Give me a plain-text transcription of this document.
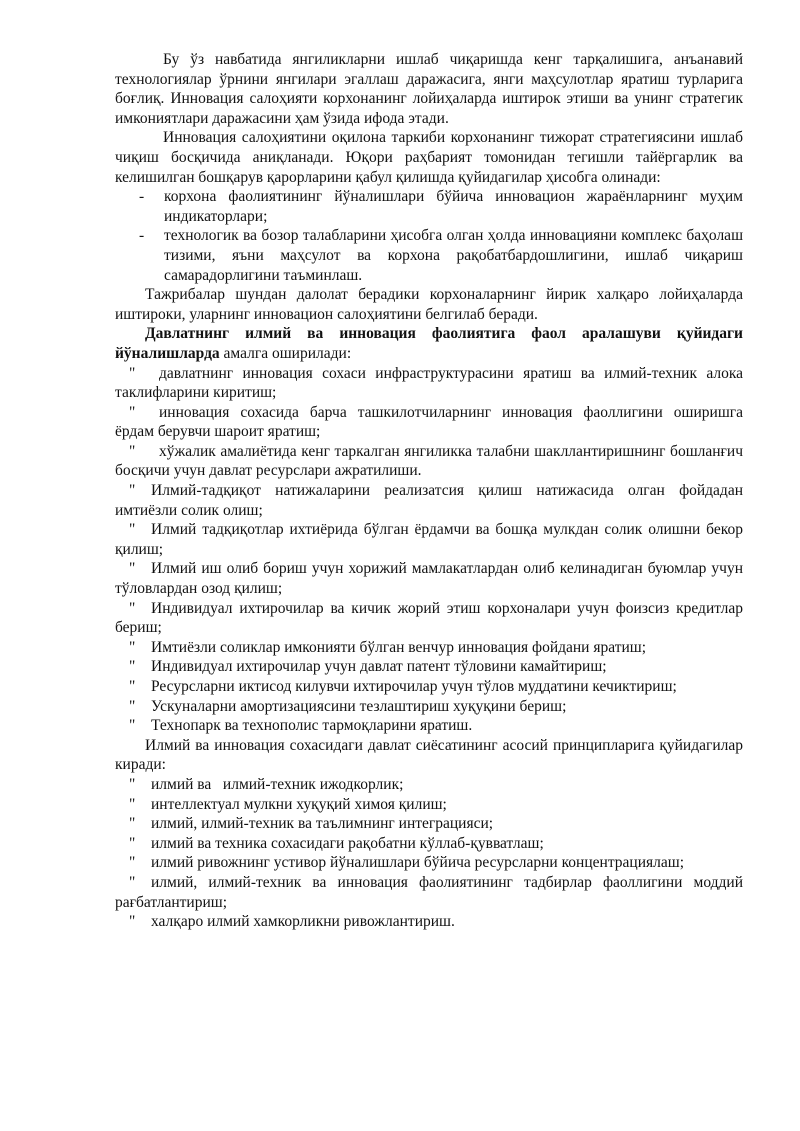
Бу ўз навбатида янгиликларни ишлаб чиқаришда кенг тарқалишига, анъанавий технологиялар ўрнини янгилари эгаллаш даражасига, янги маҳсулотлар яратиш турларига боғлиқ. Инновация салоҳияти корхонанинг лойиҳаларда иштирок этиши ва унинг стратегик имкониятлари даражасини ҳам ўзида ифода этади.

Инновация салоҳиятини оқилона таркиби корхонанинг тижорат стратегиясини ишлаб чиқиш босқичида аниқланади. Юқори раҳбарият томонидан тегишли тайёргарлик ва келишилган бошқарув қарорларини қабул қилишда қуйидагилар ҳисобга олинади:

- корхона фаолиятининг йўналишлари бўйича инновацион жараёнларнинг муҳим индикаторлари;
- технологик ва бозор талабларини ҳисобга олган ҳолда инновацияни комплекс баҳолаш тизими, яъни маҳсулот ва корхона рақобатбардошлигини, ишлаб чиқариш самарадорлигини таъминлаш.

Тажрибалар шундан далолат берадики корхоналарнинг йирик халқаро лойиҳаларда иштироки, уларнинг инновацион салоҳиятини белгилаб беради.

Давлатнинг илмий ва инновация фаолиятига фаол аралашуви қуйидаги йўналишларда амалга оширилади:

" давлатнинг инновация сохаси инфраструктурасини яратиш ва илмий-техник алока таклифларини киритиш;

" инновация сохасида барча ташкилотчиларнинг инновация фаоллигини оширишга ёрдам берувчи шароит яратиш;

" хўжалик амалиётида кенг таркалган янгиликка талабни шакллантиришнинг бошланғич босқичи учун давлат ресурслари ажратилиши.

" Илмий-тадқиқот натижаларини реализатсия қилиш натижасида олган фойдадан имтиёзли солик олиш;

" Илмий тадқиқотлар ихтиёрида бўлган ёрдамчи ва бошқа мулкдан солик олишни бекор қилиш;

" Илмий иш олиб бориш учун хорижий мамлакатлардан олиб келинадиган буюмлар учун тўловлардан озод қилиш;

" Индивидуал ихтирочилар ва кичик жорий этиш корхоналари учун фоизсиз кредитлар бериш;

" Имтиёзли соликлар имконияти бўлган венчур инновация фойдани яратиш;

" Индивидуал ихтирочилар учун давлат патент тўловини камайтириш;

" Ресурсларни иктисод килувчи ихтирочилар учун тўлов муддатини кечиктириш;

" Ускуналарни амортизациясини тезлаштириш хуқуқини бериш;

" Технопарк ва технополис тармоқларини яратиш.

Илмий ва инновация сохасидаги давлат сиёсатининг асосий принципларига қуйидагилар киради:

" илмий ва   илмий-техник ижодкорлик;

" интеллектуал мулкни хуқуқий химоя қилиш;

" илмий, илмий-техник ва таълимнинг интеграцияси;

" илмий ва техника сохасидаги рақобатни кўллаб-қувватлаш;

" илмий ривожнинг устивор йўналишлари бўйича ресурсларни концентрациялаш;

" илмий, илмий-техник ва инновация фаолиятининг тадбирлар фаоллигини моддий рағбатлантириш;

" халқаро илмий хамкорликни ривожлантириш.
